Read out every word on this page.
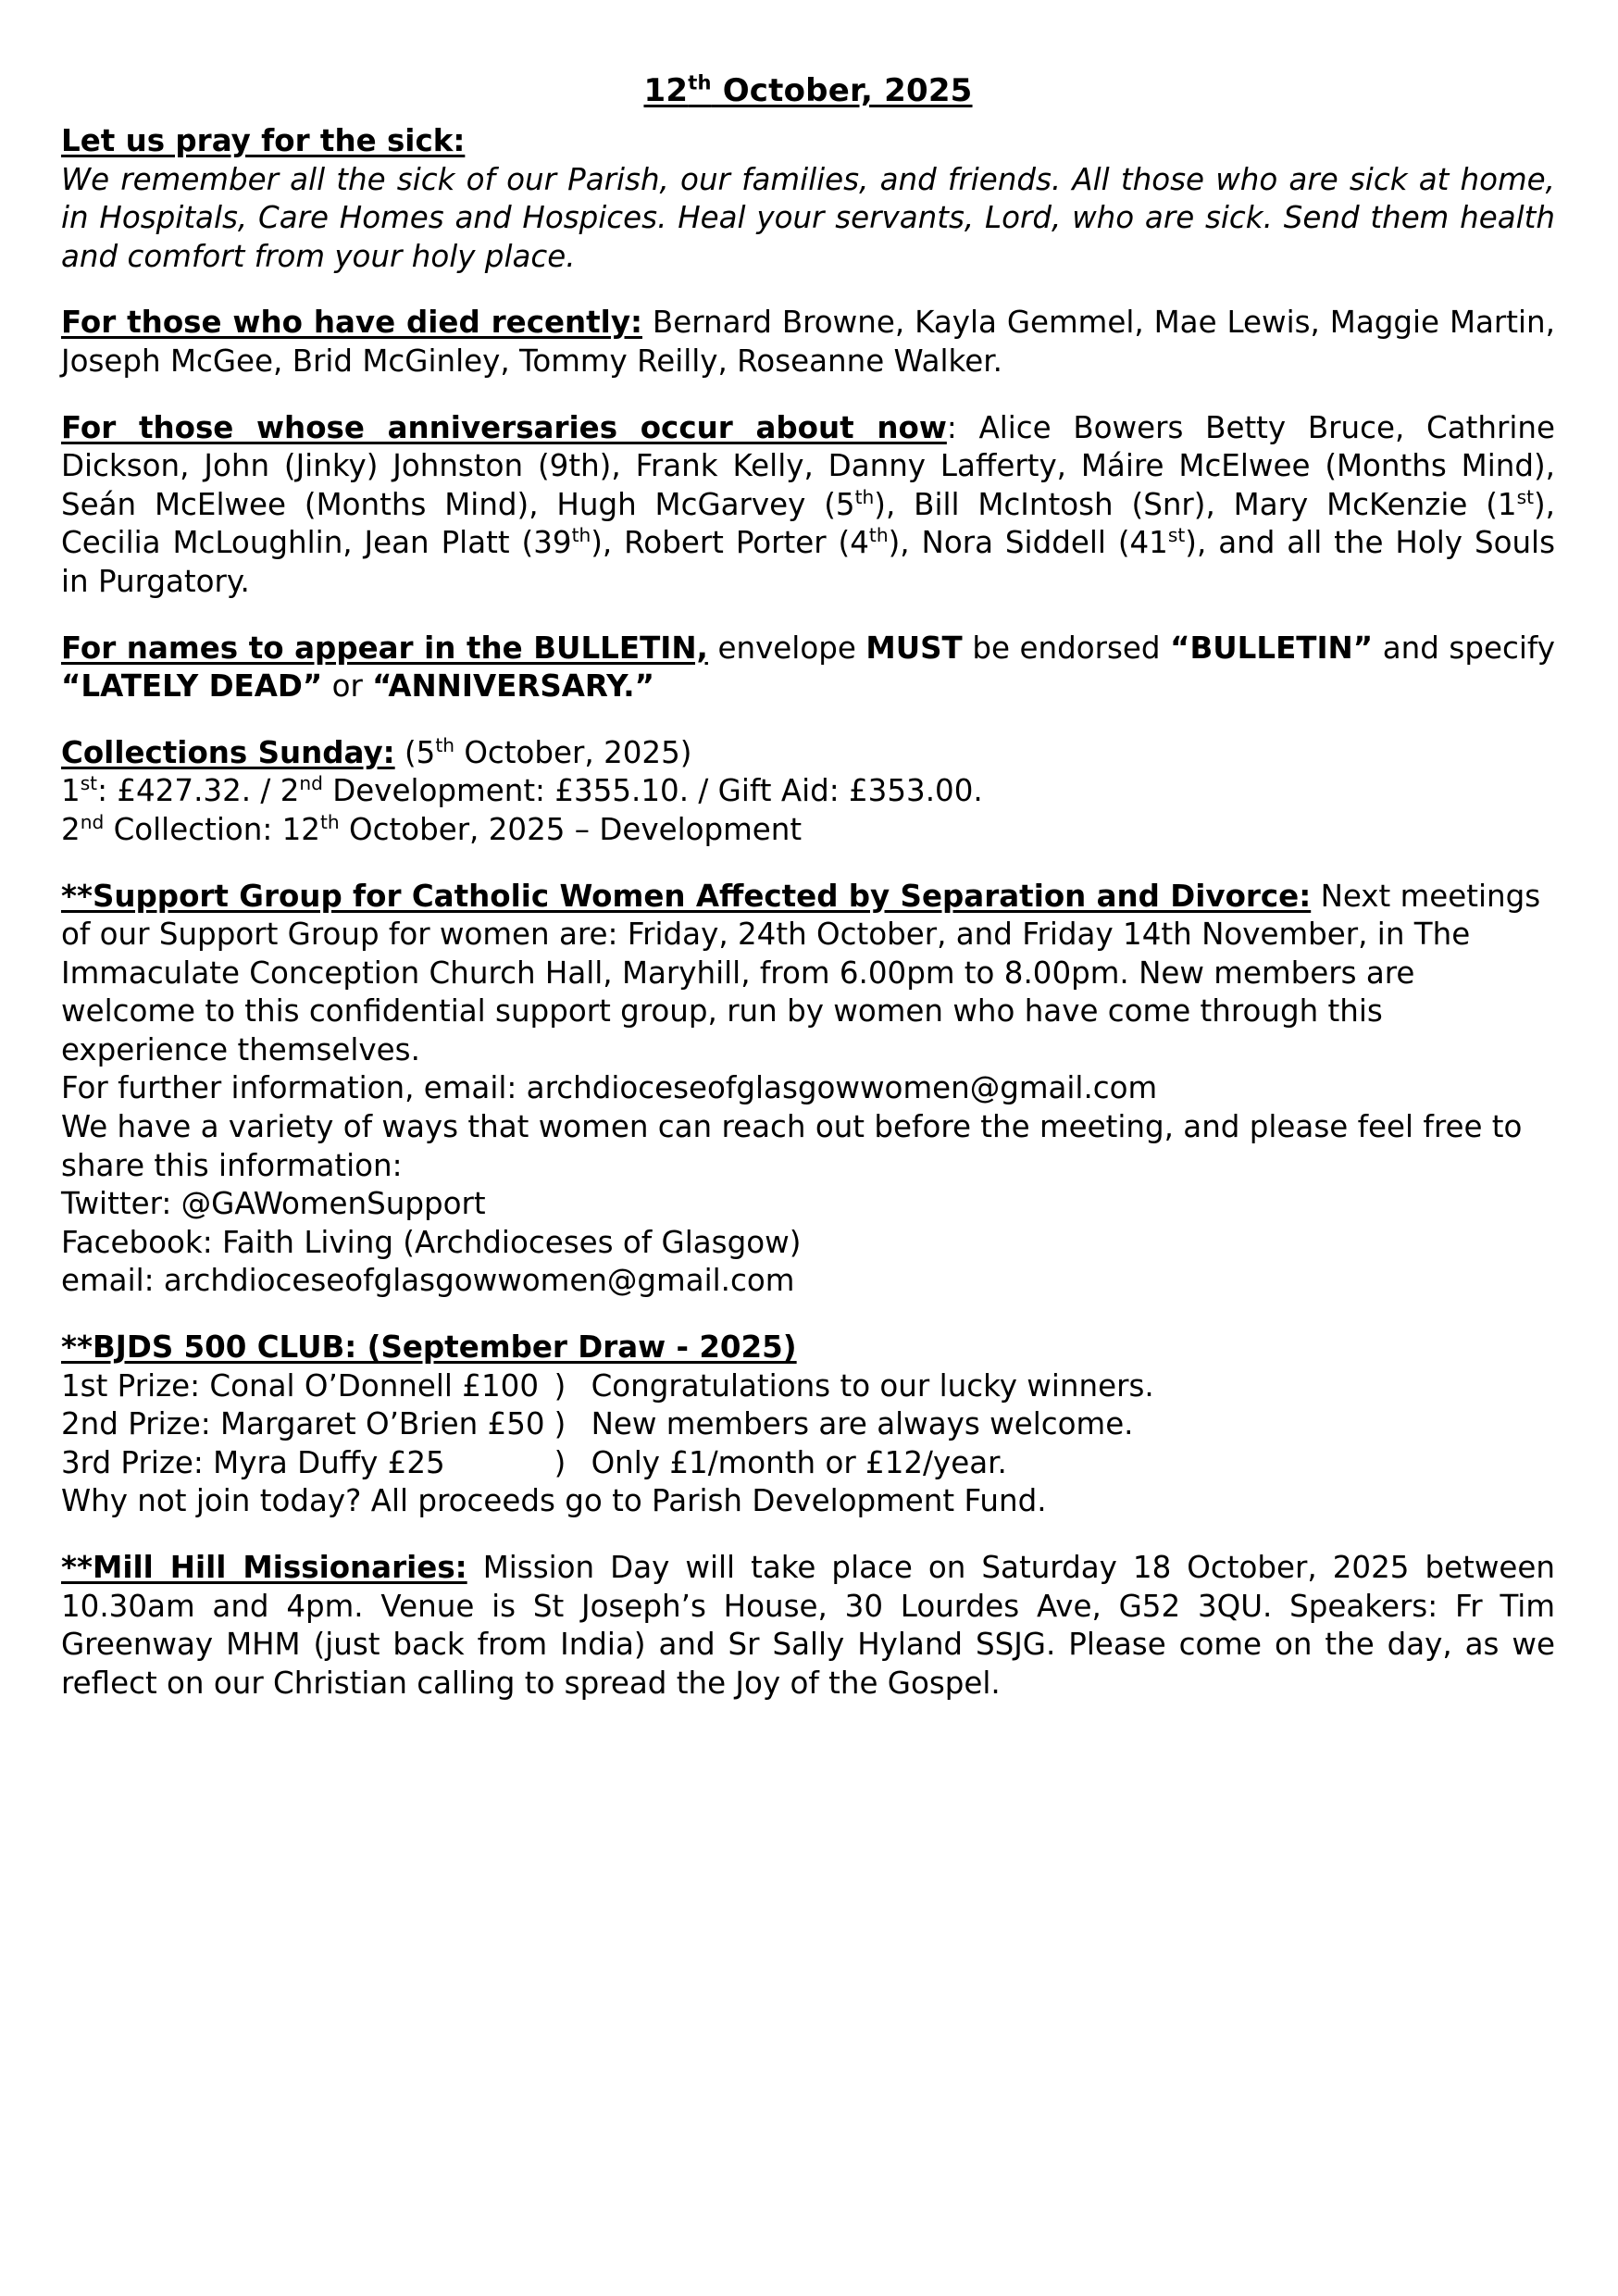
12th October, 2025
Let us pray for the sick:
We remember all the sick of our Parish, our families, and friends. All those who are sick at home, in Hospitals, Care Homes and Hospices. Heal your servants, Lord, who are sick. Send them health and comfort from your holy place.
For those who have died recently: Bernard Browne, Kayla Gemmel, Mae Lewis, Maggie Martin, Joseph McGee, Brid McGinley, Tommy Reilly, Roseanne Walker.
For those whose anniversaries occur about now: Alice Bowers Betty Bruce, Cathrine Dickson, John (Jinky) Johnston (9th), Frank Kelly, Danny Lafferty, Máire McElwee (Months Mind), Seán McElwee (Months Mind), Hugh McGarvey (5th), Bill McIntosh (Snr), Mary McKenzie (1st), Cecilia McLoughlin, Jean Platt (39th), Robert Porter (4th), Nora Siddell (41st), and all the Holy Souls in Purgatory.
For names to appear in the BULLETIN, envelope MUST be endorsed “BULLETIN” and specify “LATELY DEAD” or “ANNIVERSARY.”
Collections Sunday: (5th October, 2025)
1st: £427.32. / 2nd Development: £355.10. / Gift Aid: £353.00.
2nd Collection: 12th October, 2025 – Development
**Support Group for Catholic Women Affected by Separation and Divorce: Next meetings of our Support Group for women are: Friday, 24th October, and Friday 14th November, in The Immaculate Conception Church Hall, Maryhill, from 6.00pm to 8.00pm. New members are welcome to this confidential support group, run by women who have come through this experience themselves.
For further information, email: archdioceseofglasgowwomen@gmail.com
We have a variety of ways that women can reach out before the meeting, and please feel free to share this information:
Twitter: @GAWomenSupport
Facebook: Faith Living (Archdioceses of Glasgow)
email: archdioceseofglasgowwomen@gmail.com
**BJDS 500 CLUB: (September Draw - 2025)
1st Prize: Conal O’Donnell £100	)	Congratulations to our lucky winners.
2nd Prize: Margaret O’Brien £50	)	New members are always welcome.
3rd Prize: Myra Duffy £25	)	Only £1/month or £12/year.
Why not join today? All proceeds go to Parish Development Fund.
**Mill Hill Missionaries: Mission Day will take place on Saturday 18 October, 2025 between 10.30am and 4pm. Venue is St Joseph’s House, 30 Lourdes Ave, G52 3QU. Speakers: Fr Tim Greenway MHM (just back from India) and Sr Sally Hyland SSJG. Please come on the day, as we reflect on our Christian calling to spread the Joy of the Gospel.
